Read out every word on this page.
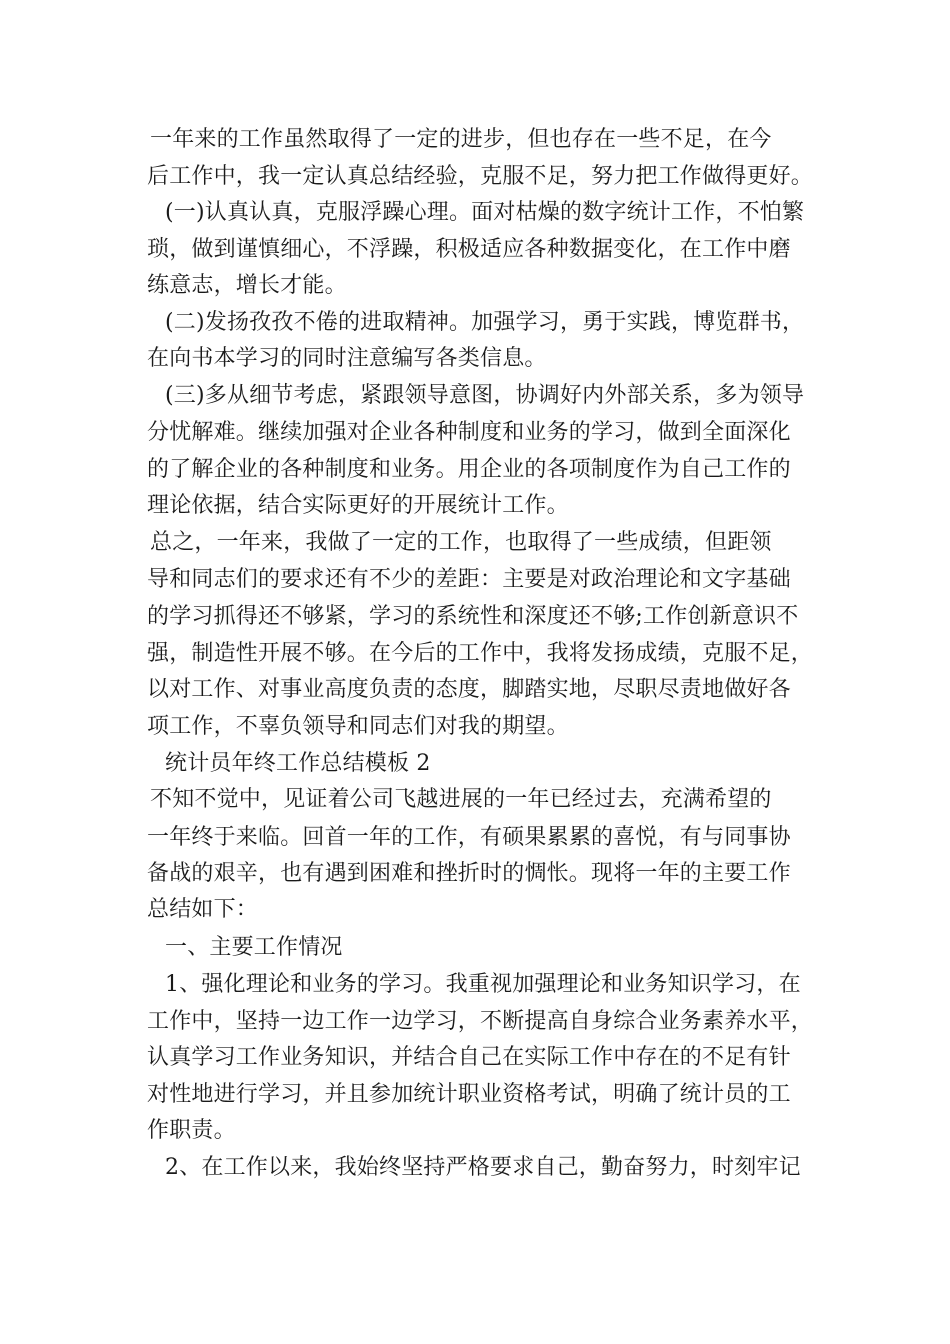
一年来的工作虽然取得了一定的进步，但也存在一些不足，在今
后工作中，我一定认真总结经验，克服不足，努力把工作做得更好。
(一)认真认真，克服浮躁心理。面对枯燥的数字统计工作，不怕繁
琐，做到谨慎细心，不浮躁，积极适应各种数据变化，在工作中磨
练意志，增长才能。
(二)发扬孜孜不倦的进取精神。加强学习，勇于实践，博览群书，
在向书本学习的同时注意编写各类信息。
(三)多从细节考虑，紧跟领导意图，协调好内外部关系，多为领导
分忧解难。继续加强对企业各种制度和业务的学习，做到全面深化
的了解企业的各种制度和业务。用企业的各项制度作为自己工作的
理论依据，结合实际更好的开展统计工作。
总之，一年来，我做了一定的工作，也取得了一些成绩，但距领
导和同志们的要求还有不少的差距：主要是对政治理论和文字基础
的学习抓得还不够紧，学习的系统性和深度还不够;工作创新意识不
强，制造性开展不够。在今后的工作中，我将发扬成绩，克服不足，
以对工作、对事业高度负责的态度，脚踏实地，尽职尽责地做好各
项工作，不辜负领导和同志们对我的期望。
统计员年终工作总结模板 2
不知不觉中，见证着公司飞越进展的一年已经过去，充满希望的
一年终于来临。回首一年的工作，有硕果累累的喜悦，有与同事协
备战的艰辛，也有遇到困难和挫折时的惆怅。现将一年的主要工作
总结如下：
一、主要工作情况
1、强化理论和业务的学习。我重视加强理论和业务知识学习，在
工作中，坚持一边工作一边学习，不断提高自身综合业务素养水平，
认真学习工作业务知识，并结合自己在实际工作中存在的不足有针
对性地进行学习，并且参加统计职业资格考试，明确了统计员的工
作职责。
2、在工作以来，我始终坚持严格要求自己，勤奋努力，时刻牢记
